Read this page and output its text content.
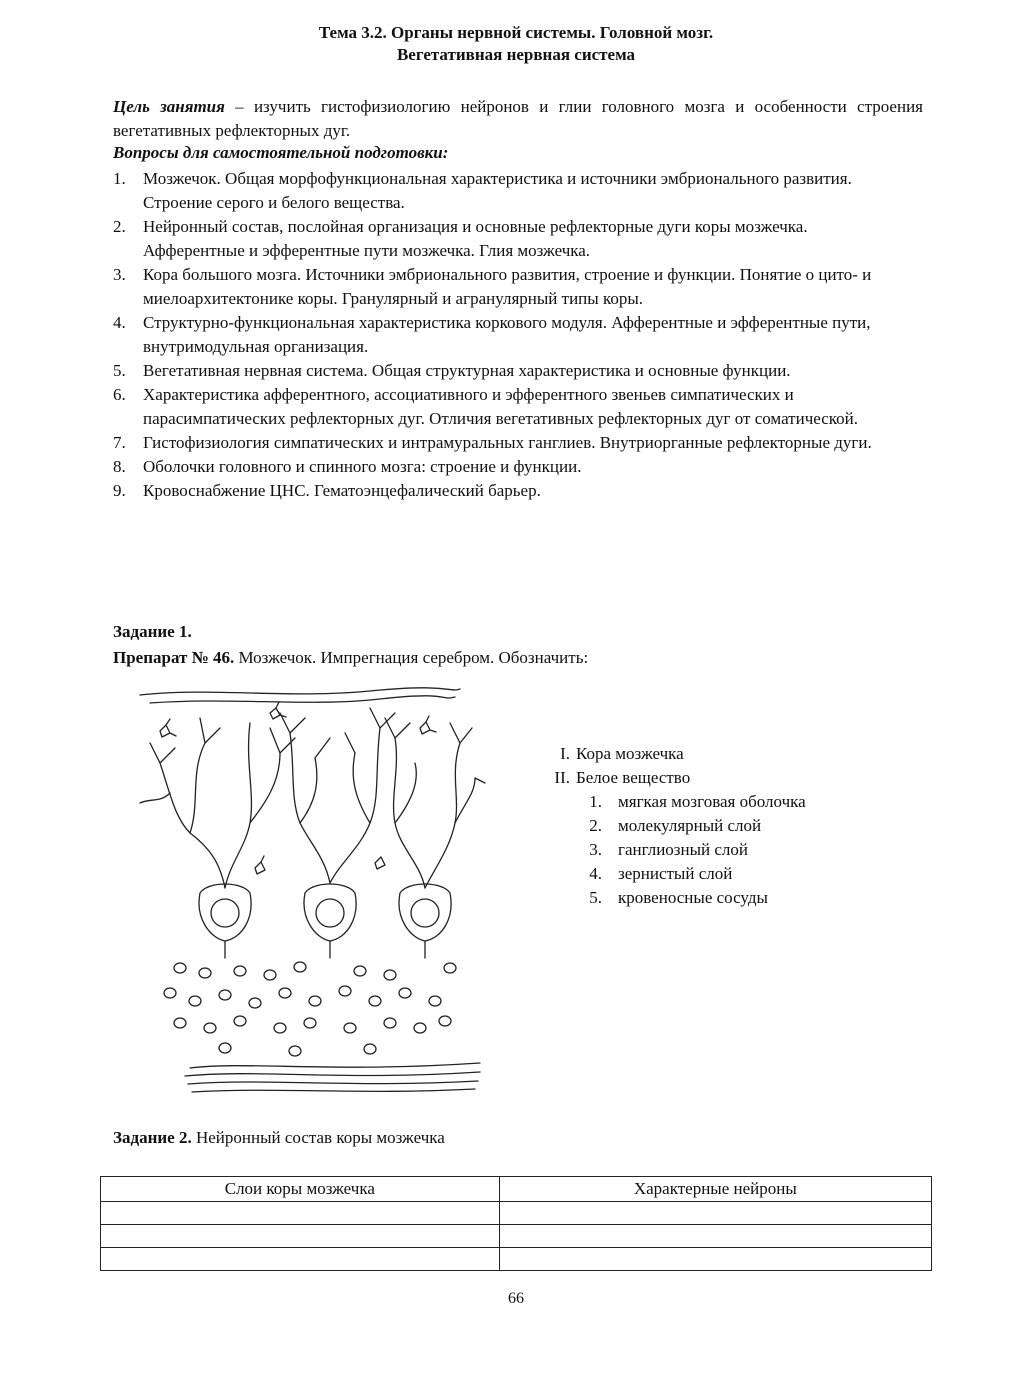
Тема 3.2. Органы нервной системы. Головной мозг.
Вегетативная нервная система
Цель занятия – изучить гистофизиологию нейронов и глии головного мозга и особенности строения вегетативных рефлекторных дуг.
Вопросы для самостоятельной подготовки:
1. Мозжечок. Общая морфофункциональная характеристика и источники эмбрионального развития. Строение серого и белого вещества.
2. Нейронный состав, послойная организация и основные рефлекторные дуги коры мозжечка. Афферентные и эфферентные пути мозжечка. Глия мозжечка.
3. Кора большого мозга. Источники эмбрионального развития, строение и функции. Понятие о цито- и миелоархитектонике коры. Гранулярный и агранулярный типы коры.
4. Структурно-функциональная характеристика коркового модуля. Афферентные и эфферентные пути, внутримодульная организация.
5. Вегетативная нервная система. Общая структурная характеристика и основные функции.
6. Характеристика афферентного, ассоциативного и эфферентного звеньев симпатических и парасимпатических рефлекторных дуг. Отличия вегетативных рефлекторных дуг от соматической.
7. Гистофизиология симпатических и интрамуральных ганглиев. Внутриорганные рефлекторные дуги.
8. Оболочки головного и спинного мозга: строение и функции.
9. Кровоснабжение ЦНС. Гематоэнцефалический барьер.
Задание 1.
Препарат № 46. Мозжечок. Импрегнация серебром. Обозначить:
I. Кора мозжечка
II. Белое вещество
1. мягкая мозговая оболочка
2. молекулярный слой
3. ганглиозный слой
4. зернистый слой
5. кровеносные сосуды
Задание 2. Нейронный состав коры мозжечка
Слои коры мозжечка	Характерные нейроны

66
